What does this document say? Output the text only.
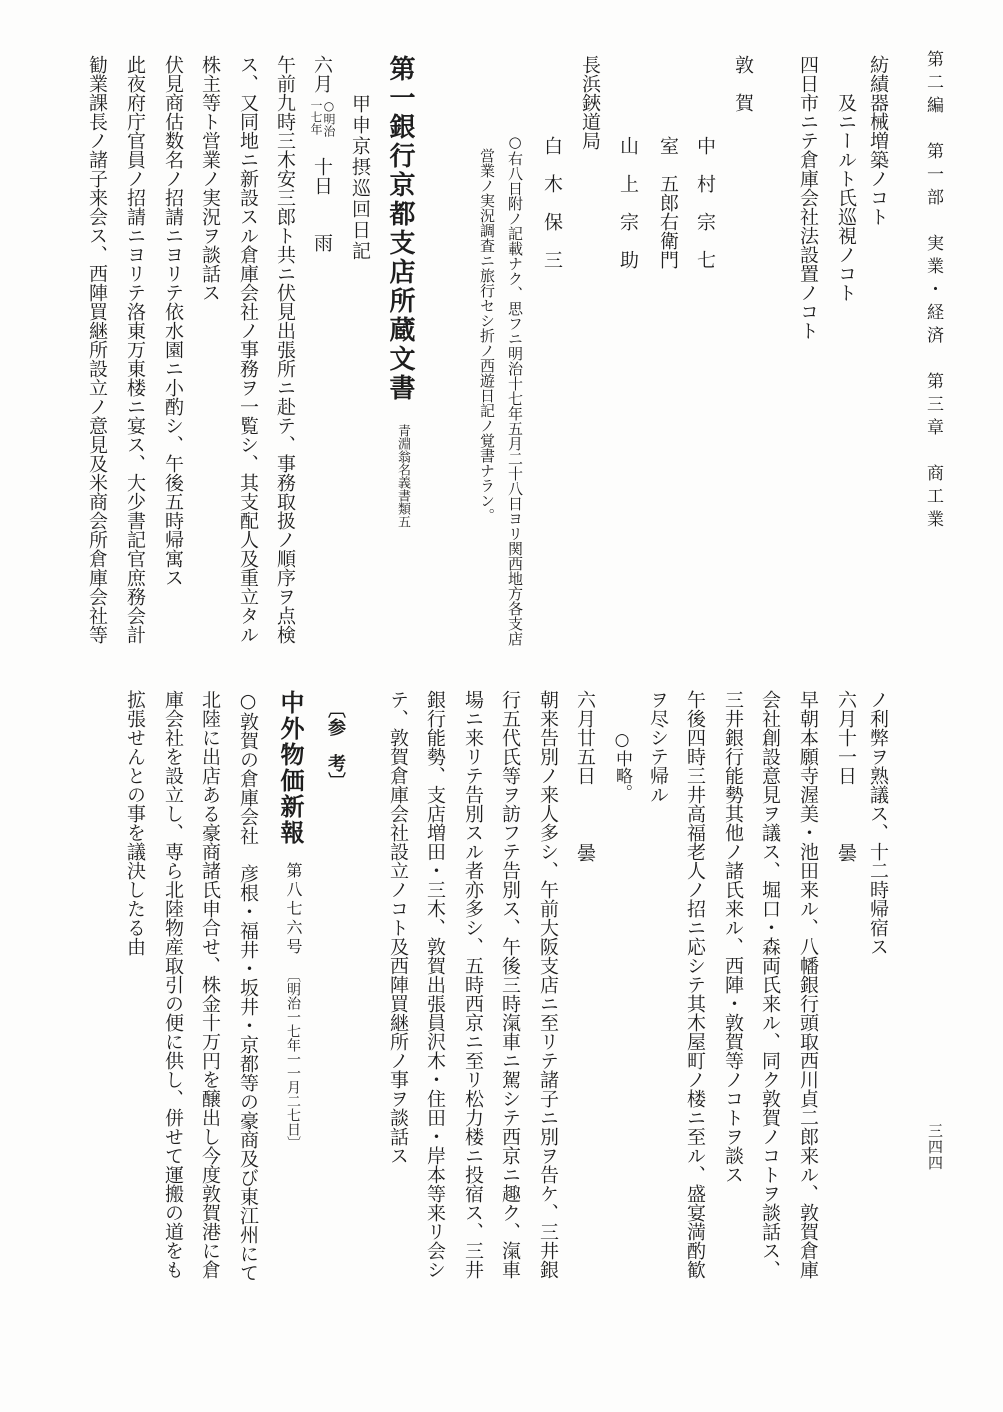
第二編　第一部　実業・経済　第三章　商工業
三四四
紡績器械増築ノコト
及ニールト氏巡視ノコト
四日市ニテ倉庫会社法設置ノコト
敦　賀
中　村　宗　七
室　五郎右衛門
山　上　宗　助
長浜鋏道局
白　木　保　三
○右八日附ノ記載ナク、思フニ明治十七年五月二十八日ヨリ関西地方各支店
営業ノ実況調査ニ旅行セシ折ノ西遊日記ノ覚書ナラン。
第一銀行京都支店所蔵文書
青淵翁名義書類五
甲申京摂巡回日記
六月
○明治
一七年
十日
雨
午前九時三木安三郎ト共ニ伏見出張所ニ赴テ、事務取扱ノ順序ヲ点検
ス、又同地ニ新設スル倉庫会社ノ事務ヲ一覧シ、其支配人及重立タル
株主等ト営業ノ実況ヲ談話ス
伏見商估数名ノ招請ニヨリテ依水園ニ小酌シ、午後五時帰寓ス
此夜府庁官員ノ招請ニヨリテ洛東万東楼ニ宴ス、大少書記官庶務会計
勧業課長ノ諸子来会ス、西陣買継所設立ノ意見及米商会所倉庫会社等
ノ利弊ヲ熟議ス、十二時帰宿ス
六月十一日
曇
早朝本願寺渥美・池田来ル、八幡銀行頭取西川貞二郎来ル、敦賀倉庫
会社創設意見ヲ議ス、堀口・森両氏来ル、同ク敦賀ノコトヲ談話ス、
三井銀行能勢其他ノ諸氏来ル、西陣・敦賀等ノコトヲ談ス
午後四時三井高福老人ノ招ニ応シテ其木屋町ノ楼ニ至ル、盛宴満酌歓
ヲ尽シテ帰ル
○中略。
六月廿五日
曇
朝来告別ノ来人多シ、午前大阪支店ニ至リテ諸子ニ別ヲ告ケ、三井銀
行五代氏等ヲ訪フテ告別ス、午後三時滊車ニ駕シテ西京ニ趣ク、滊車
場ニ来リテ告別スル者亦多シ、五時西京ニ至リ松力楼ニ投宿ス、三井
銀行能勢、支店増田・三木、敦賀出張員沢木・住田・岸本等来リ会シ
テ、敦賀倉庫会社設立ノコト及西陣買継所ノ事ヲ談話ス
〔参　考〕
中外物価新報
第八七六号
〔明治一七年一一月二七日〕
○敦賀の倉庫会社　彦根・福井・坂井・京都等の豪商及び東江州にて
北陸に出店ある豪商諸氏申合せ、株金十万円を醸出し今度敦賀港に倉
庫会社を設立し、専ら北陸物産取引の便に供し、併せて運搬の道をも
拡張せんとの事を議決したる由
